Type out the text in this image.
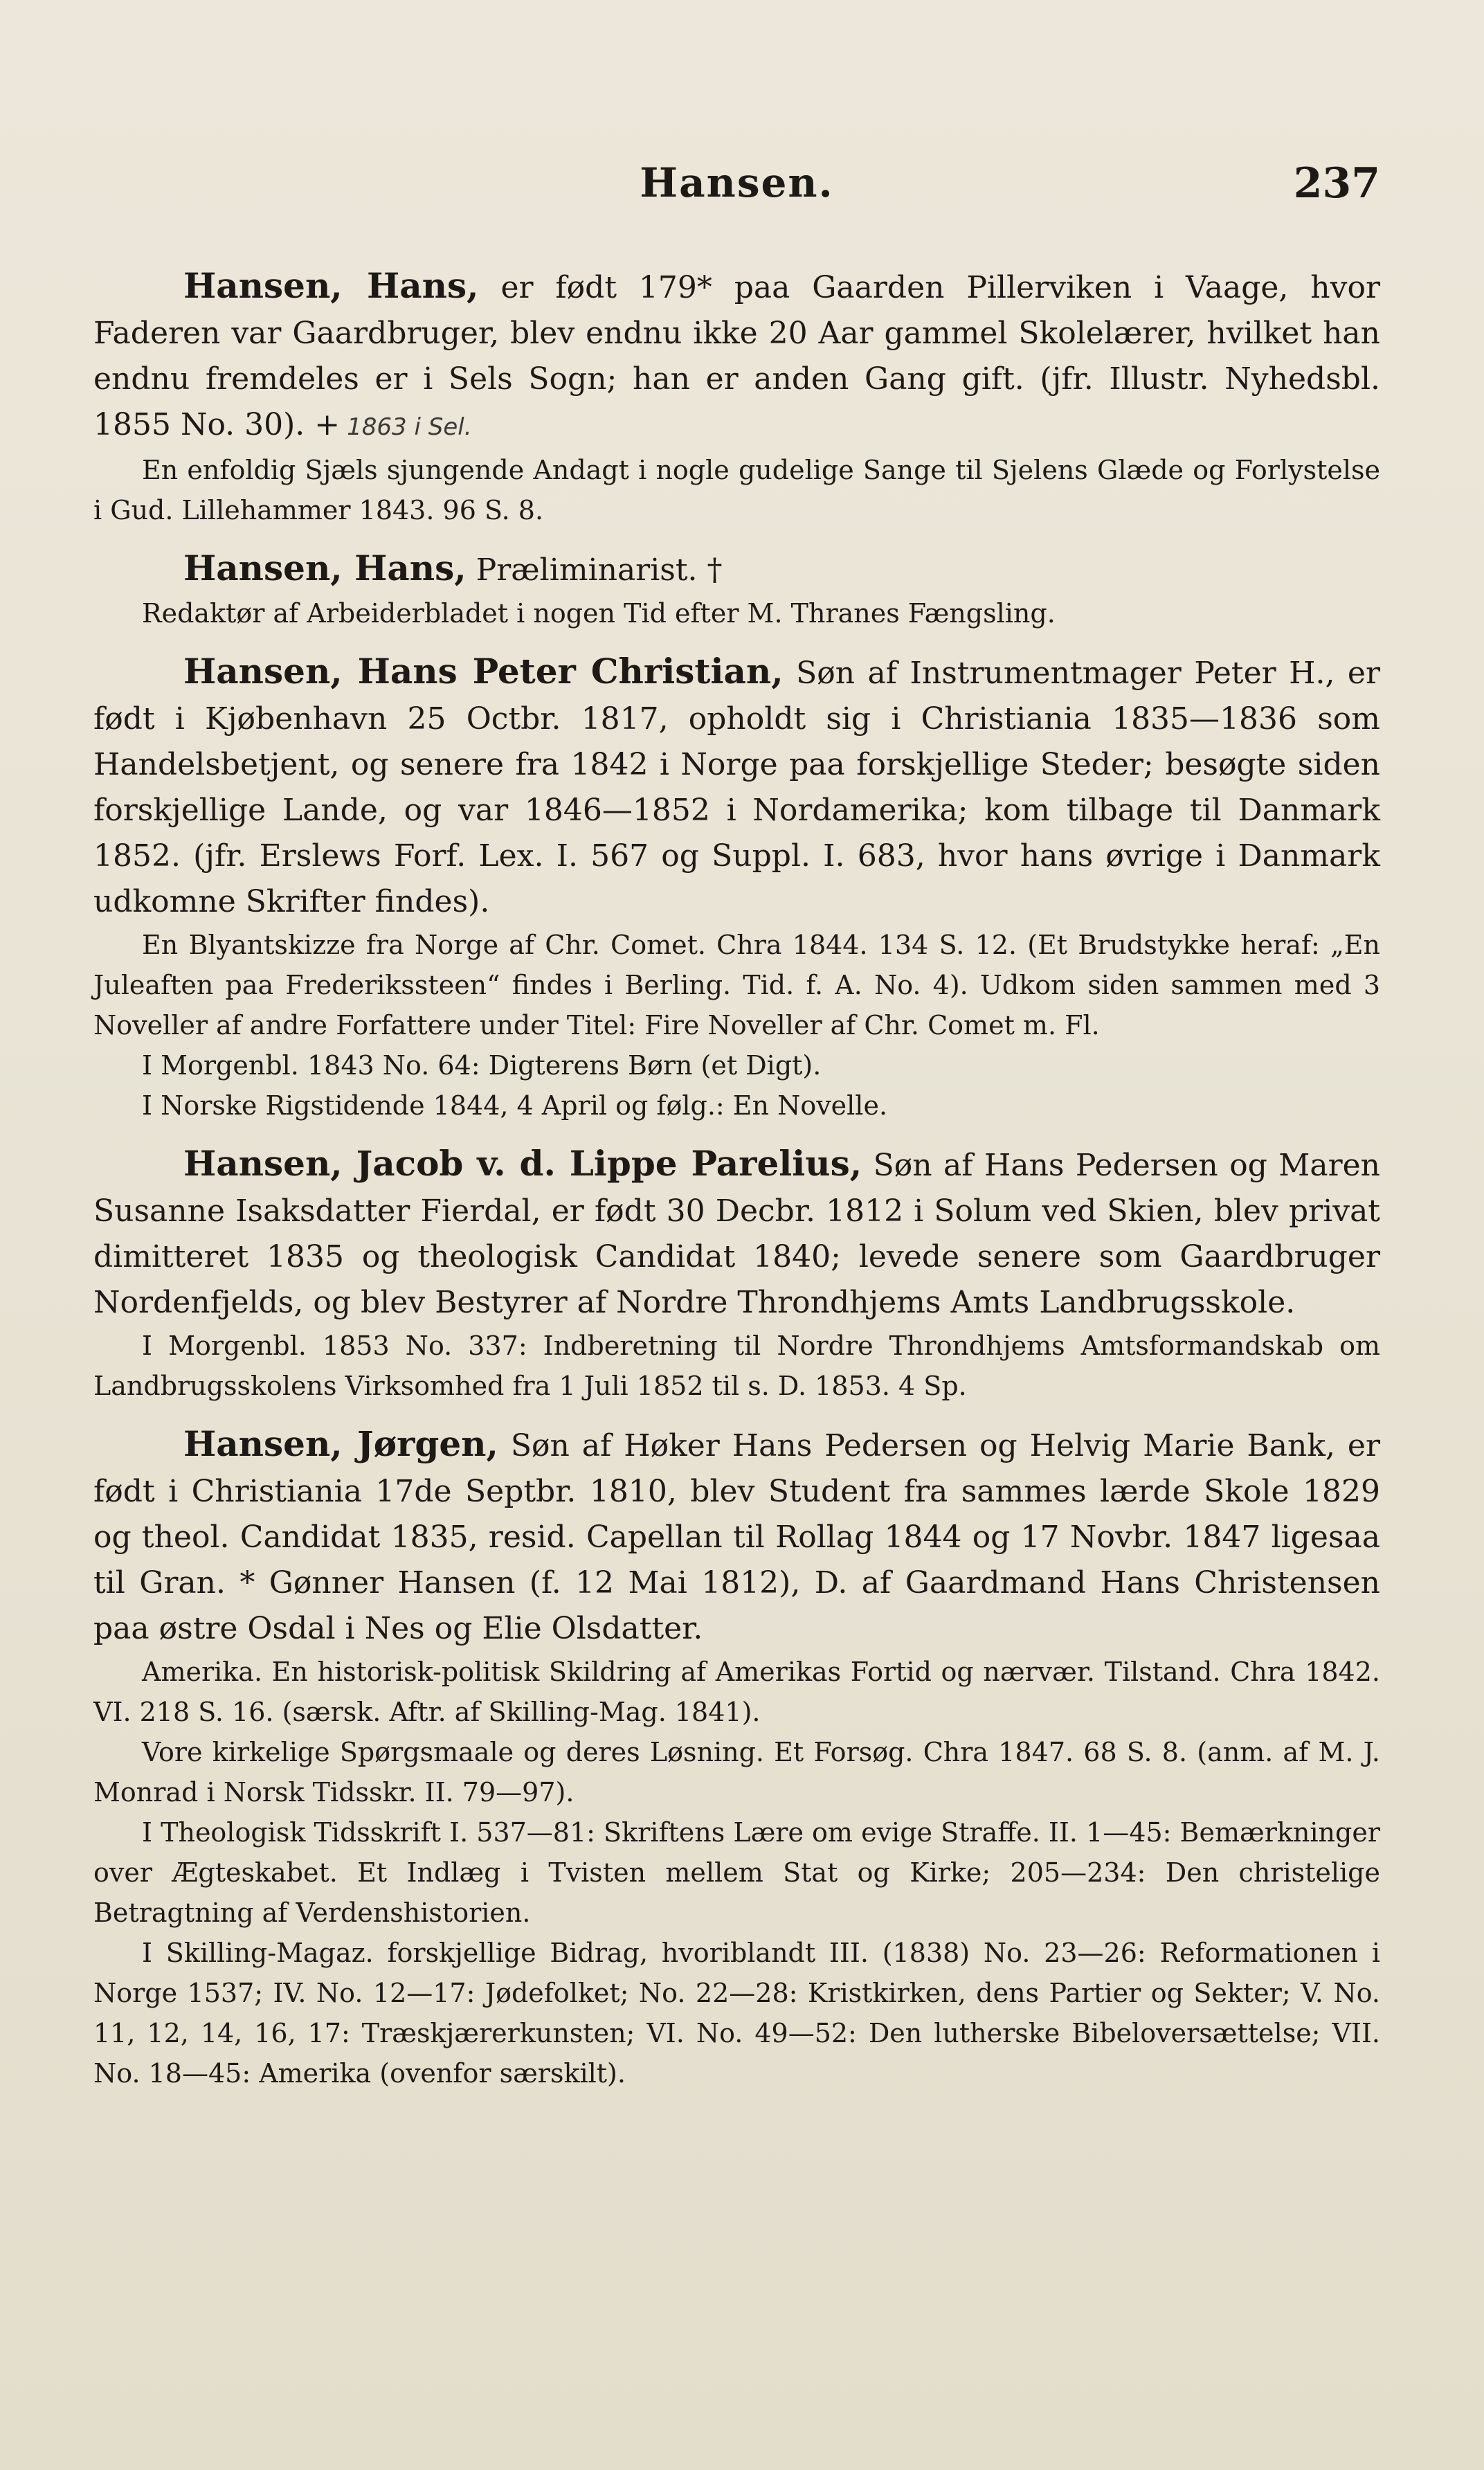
Hansen.	237

Hansen, Hans, er født 179* paa Gaarden Pillerviken i Vaage, hvor Faderen var Gaardbruger, blev endnu ikke 20 Aar gammel Skolelærer, hvilket han endnu fremdeles er i Sels Sogn; han er anden Gang gift. (jfr. Illustr. Nyhedsbl. 1855 No. 30). + 1863 i Sel.

En enfoldig Sjæls sjungende Andagt i nogle gudelige Sange til Sjelens Glæde og Forlystelse i Gud. Lillehammer 1843. 96 S. 8.

Hansen, Hans, Præliminarist. †

Redaktør af Arbeiderbladet i nogen Tid efter M. Thranes Fængsling.

Hansen, Hans Peter Christian, Søn af Instrumentmager Peter H., er født i Kjøbenhavn 25 Octbr. 1817, opholdt sig i Christiania 1835—1836 som Handelsbetjent, og senere fra 1842 i Norge paa forskjellige Steder; besøgte siden forskjellige Lande, og var 1846—1852 i Nordamerika; kom tilbage til Danmark 1852. (jfr. Erslews Forf. Lex. I. 567 og Suppl. I. 683, hvor hans øvrige i Danmark udkomne Skrifter findes).

En Blyantskizze fra Norge af Chr. Comet. Chra 1844. 134 S. 12. (Et Brudstykke heraf: „En Juleaften paa Frederikssteen“ findes i Berling. Tid. f. A. No. 4). Udkom siden sammen med 3 Noveller af andre Forfattere under Titel: Fire Noveller af Chr. Comet m. Fl.

I Morgenbl. 1843 No. 64: Digterens Børn (et Digt).

I Norske Rigstidende 1844, 4 April og følg.: En Novelle.

Hansen, Jacob v. d. Lippe Parelius, Søn af Hans Pedersen og Maren Susanne Isaksdatter Fierdal, er født 30 Decbr. 1812 i Solum ved Skien, blev privat dimitteret 1835 og theologisk Candidat 1840; levede senere som Gaardbruger Nordenfjelds, og blev Bestyrer af Nordre Throndhjems Amts Landbrugsskole.

I Morgenbl. 1853 No. 337: Indberetning til Nordre Throndhjems Amtsformandskab om Landbrugsskolens Virksomhed fra 1 Juli 1852 til s. D. 1853. 4 Sp.

Hansen, Jørgen, Søn af Høker Hans Pedersen og Helvig Marie Bank, er født i Christiania 17de Septbr. 1810, blev Student fra sammes lærde Skole 1829 og theol. Candidat 1835, resid. Capellan til Rollag 1844 og 17 Novbr. 1847 ligesaa til Gran. * Gønner Hansen (f. 12 Mai 1812), D. af Gaardmand Hans Christensen paa østre Osdal i Nes og Elie Olsdatter.

Amerika. En historisk-politisk Skildring af Amerikas Fortid og nærvær. Tilstand. Chra 1842. VI. 218 S. 16. (særsk. Aftr. af Skilling-Mag. 1841).

Vore kirkelige Spørgsmaale og deres Løsning. Et Forsøg. Chra 1847. 68 S. 8. (anm. af M. J. Monrad i Norsk Tidsskr. II. 79—97).

I Theologisk Tidsskrift I. 537—81: Skriftens Lære om evige Straffe. II. 1—45: Bemærkninger over Ægteskabet. Et Indlæg i Tvisten mellem Stat og Kirke; 205—234: Den christelige Betragtning af Verdenshistorien.

I Skilling-Magaz. forskjellige Bidrag, hvoriblandt III. (1838) No. 23—26: Reformationen i Norge 1537; IV. No. 12—17: Jødefolket; No. 22—28: Kristkirken, dens Partier og Sekter; V. No. 11, 12, 14, 16, 17: Træskjærerkunsten; VI. No. 49—52: Den lutherske Bibeloversættelse; VII. No. 18—45: Amerika (ovenfor særskilt).
